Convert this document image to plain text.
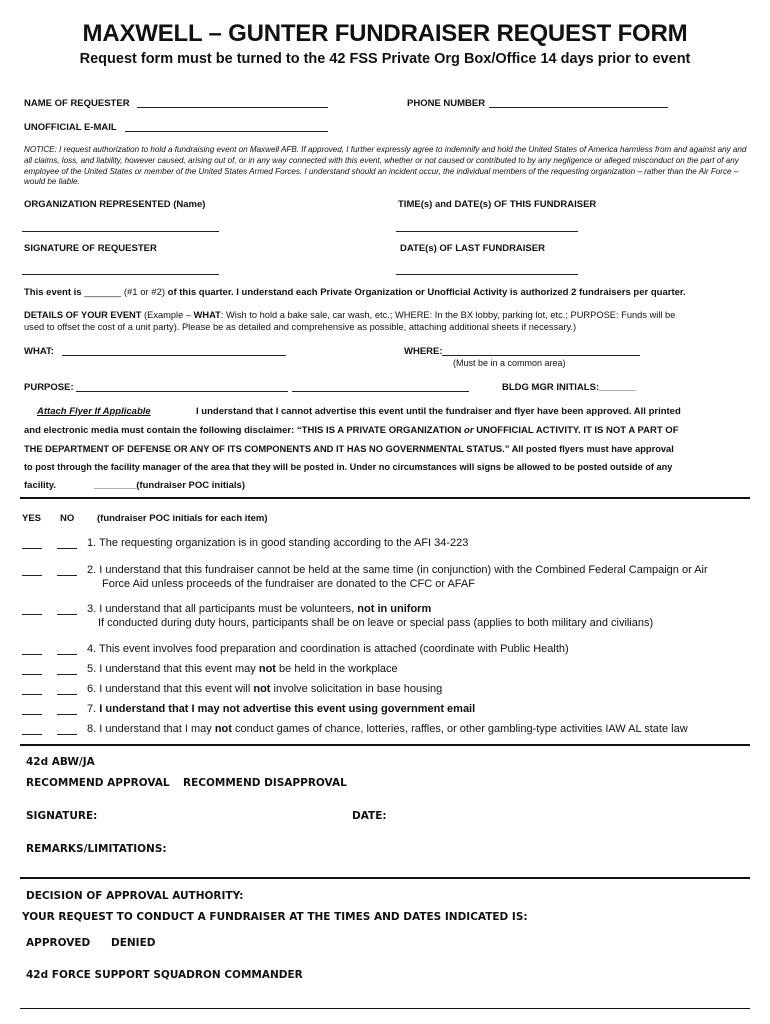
MAXWELL – GUNTER FUNDRAISER REQUEST FORM
Request form must be turned to the 42 FSS Private Org Box/Office 14 days prior to event
NAME OF REQUESTER	PHONE NUMBER
UNOFFICIAL E-MAIL
NOTICE: I request authorization to hold a fundraising event on Maxwell AFB. If approved, I further expressly agree to indemnify and hold the United States of America harmless from and against any and all claims, loss, and liability, however caused, arising out of, or in any way connected with this event, whether or not caused or contributed to by any negligence or alleged misconduct on the part of any employee of the United States or member of the United States Armed Forces. I understand should an incident occur, the individual members of the requesting organization – rather than the Air Force – would be liable.
ORGANIZATION REPRESENTED (Name)	TIME(s) and DATE(s) OF THIS FUNDRAISER
SIGNATURE OF REQUESTER	DATE(s) OF LAST FUNDRAISER
This event is _______ (#1 or #2) of this quarter. I understand each Private Organization or Unofficial Activity is authorized 2 fundraisers per quarter.
DETAILS OF YOUR EVENT (Example – WHAT: Wish to hold a bake sale, car wash, etc.; WHERE: In the BX lobby, parking lot, etc.; PURPOSE: Funds will be
used to offset the cost of a unit party). Please be as detailed and comprehensive as possible, attaching additional sheets if necessary.)
WHAT:	WHERE:
(Must be in a common area)
PURPOSE:	BLDG MGR INITIALS:_______
Attach Flyer If Applicable	I understand that I cannot advertise this event until the fundraiser and flyer have been approved. All printed
and electronic media must contain the following disclaimer: “THIS IS A PRIVATE ORGANIZATION or UNOFFICIAL ACTIVITY. IT IS NOT A PART OF
THE DEPARTMENT OF DEFENSE OR ANY OF ITS COMPONENTS AND IT HAS NO GOVERNMENTAL STATUS.” All posted flyers must have approval
to post through the facility manager of the area that they will be posted in. Under no circumstances will signs be allowed to be posted outside of any
facility.	________(fundraiser POC initials)
YES NO (fundraiser POC initials for each item)
1. The requesting organization is in good standing according to the AFI 34-223
2. I understand that this fundraiser cannot be held at the same time (in conjunction) with the Combined Federal Campaign or Air
3. I understand that all participants must be volunteers, not in uniform
4. This event involves food preparation and coordination is attached (coordinate with Public Health)
5. I understand that this event may not be held in the workplace
6. I understand that this event will not involve solicitation in base housing
7. I understand that I may not advertise this event using government email
8. I understand that I may not conduct games of chance, lotteries, raffles, or other gambling-type activities IAW AL state law
Force Aid unless proceeds of the fundraiser are donated to the CFC or AFAF
If conducted during duty hours, participants shall be on leave or special pass (applies to both military and civilians)
42d ABW/JA
RECOMMEND APPROVAL RECOMMEND DISAPPROVAL
SIGNATURE:	DATE:
REMARKS/LIMITATIONS:
DECISION OF APPROVAL AUTHORITY:
YOUR REQUEST TO CONDUCT A FUNDRAISER AT THE TIMES AND DATES INDICATED IS:
APPROVED DENIED
42d FORCE SUPPORT SQUADRON COMMANDER
